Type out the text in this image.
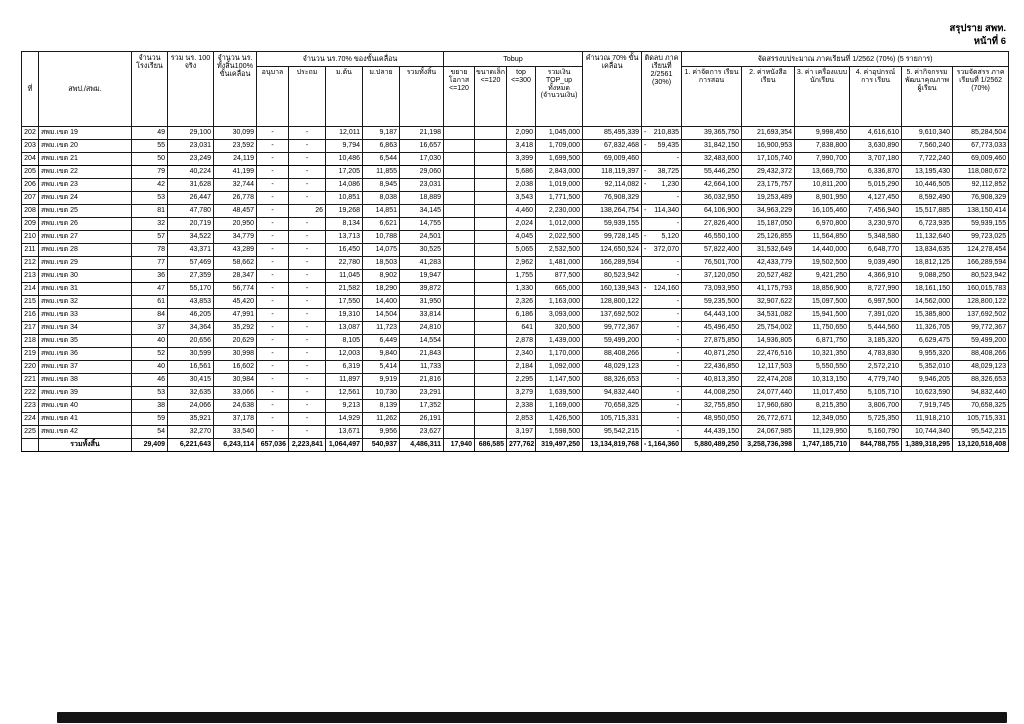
สรุปราย สพท.
หน้าที่ 6
ที่	สพป./สพม.	จำนวน โรงเรียน	รวม นร. 100 จริง	จำนวน นร. ทั้งสิ้น100% ขั้นเคลื่อน	จำนวน นร.70% ของขั้นเคลื่อน					Tobup				คำนวณ 70% ขั้นเคลื่อน	ติดลบ ภาคเรียนที่ 2/2561 (30%)	จัดสรรงบประมาณ ภาคเรียนที่ 1/2562 (70%) (5 รายการ)					
					อนุบาล	ประถม	ม.ต้น	ม.ปลาย	รวมทั้งสิ้น	ขยาย โอกาส <=120	ขนาดเล็ก <=120	top <=300	รวมเงิน TOP_up ทั้งหมด (จำนวนเงิน)			1. ค่าจัดการ เรียนการสอน	2. ค่าหนังสือ เรียน	3. ค่า เครื่องแบบ นักเรียน	4. ค่าอุปกรณ์การ เรียน	5. ค่ากิจกรรม พัฒนาคุณภาพ ผู้เรียน	รวมจัดสรร ภาคเรียนที่ 1/2562 (70%)
202	สพม.เขต 19	49	29,100	30,099	-	-	12,011	9,187	21,198			2,090	1,045,000	85,495,339	- 210,835	39,365,750	21,693,354	9,998,450	4,616,610	9,610,340	85,284,504
203	สพม.เขต 20	55	23,031	23,592	-	-	9,794	6,863	16,657			3,418	1,709,000	67,832,468	- 59,435	31,842,150	16,900,953	7,838,800	3,630,890	7,560,240	67,773,033
204	สพม.เขต 21	50	23,249	24,119	-	-	10,486	6,544	17,030			3,399	1,699,500	69,009,460	-	32,483,600	17,105,740	7,990,700	3,707,180	7,722,240	69,009,460
205	สพม.เขต 22	79	40,224	41,199	-	-	17,205	11,855	29,060			5,686	2,843,000	118,119,397	- 38,725	55,446,250	29,432,372	13,669,750	6,336,870	13,195,430	118,080,672
206	สพม.เขต 23	42	31,628	32,744	-	-	14,086	8,945	23,031			2,038	1,019,000	92,114,082	- 1,230	42,664,100	23,175,757	10,811,200	5,015,290	10,446,505	92,112,852
207	สพม.เขต 24	53	26,447	26,778	-	-	10,851	8,038	18,889			3,543	1,771,500	76,908,329	-	36,032,950	19,253,489	8,901,950	4,127,450	8,592,490	76,908,329
208	สพม.เขต 25	81	47,780	48,457	-	26	19,268	14,851	34,145			4,460	2,230,000	138,264,754	- 114,340	64,106,900	34,963,229	16,105,460	7,456,940	15,517,885	138,150,414
209	สพม.เขต 26	32	20,719	20,950	-	-	8,134	6,621	14,755			2,024	1,012,000	59,939,155	-	27,826,400	15,187,050	6,970,800	3,230,970	6,723,935	59,939,155
210	สพม.เขต 27	57	34,522	34,779	-	-	13,713	10,788	24,501			4,045	2,022,500	99,728,145	- 5,120	46,550,100	25,126,855	11,564,850	5,348,580	11,132,640	99,723,025
211	สพม.เขต 28	78	43,371	43,289	-	-	16,450	14,075	30,525			5,065	2,532,500	124,650,524	- 372,070	57,822,400	31,532,649	14,440,000	6,648,770	13,834,635	124,278,454
212	สพม.เขต 29	77	57,469	58,662	-	-	22,780	18,503	41,283			2,962	1,481,000	166,289,594	-	76,501,700	42,433,779	19,502,500	9,039,490	18,812,125	166,289,594
213	สพม.เขต 30	36	27,359	28,347	-	-	11,045	8,902	19,947			1,755	877,500	80,523,942	-	37,120,050	20,527,482	9,421,250	4,366,910	9,088,250	80,523,942
214	สพม.เขต 31	47	55,170	56,774	-	-	21,582	18,290	39,872			1,330	665,000	160,139,943	- 124,160	73,093,950	41,175,793	18,856,900	8,727,990	18,161,150	160,015,783
215	สพม.เขต 32	61	43,853	45,420	-	-	17,550	14,400	31,950			2,326	1,163,000	128,800,122	-	59,235,500	32,907,622	15,097,500	6,997,500	14,562,000	128,800,122
216	สพม.เขต 33	84	46,205	47,991	-	-	19,310	14,504	33,814			6,186	3,093,000	137,692,502	-	64,443,100	34,531,082	15,941,500	7,391,020	15,385,800	137,692,502
217	สพม.เขต 34	37	34,364	35,292	-	-	13,087	11,723	24,810			641	320,500	99,772,367	-	45,496,450	25,754,002	11,750,650	5,444,560	11,326,705	99,772,367
218	สพม.เขต 35	40	20,656	20,629	-	-	8,105	6,449	14,554			2,878	1,439,000	59,499,200	-	27,875,850	14,936,805	6,871,750	3,185,320	6,629,475	59,499,200
219	สพม.เขต 36	52	30,599	30,998	-	-	12,003	9,840	21,843			2,340	1,170,000	88,408,266	-	40,871,250	22,476,516	10,321,350	4,783,830	9,955,320	88,408,266
220	สพม.เขต 37	40	16,561	16,602	-	-	6,319	5,414	11,733			2,184	1,092,000	48,029,123	-	22,436,850	12,117,503	5,550,550	2,572,210	5,352,010	48,029,123
221	สพม.เขต 38	46	30,415	30,984	-	-	11,897	9,919	21,816			2,295	1,147,500	88,326,653	-	40,813,350	22,474,208	10,313,150	4,779,740	9,946,205	88,326,653
222	สพม.เขต 39	53	32,635	33,066	-	-	12,561	10,730	23,291			3,279	1,639,500	94,832,440	-	44,008,250	24,077,440	11,017,450	5,105,710	10,623,590	94,832,440
223	สพม.เขต 40	38	24,066	24,638	-	-	9,213	8,139	17,352			2,338	1,169,000	70,658,325	-	32,755,850	17,960,680	8,215,350	3,806,700	7,919,745	70,658,325
224	สพม.เขต 41	59	35,921	37,178	-	-	14,929	11,262	26,191			2,853	1,426,500	105,715,331	-	48,950,050	26,772,671	12,349,050	5,725,350	11,918,210	105,715,331
225	สพม.เขต 42	54	32,270	33,540	-	-	13,671	9,956	23,627			3,197	1,598,500	95,542,215	-	44,439,150	24,067,985	11,129,950	5,160,790	10,744,340	95,542,215
	รวมทั้งสิ้น	29,409	6,221,643	6,243,114	657,036	2,223,841	1,064,497	540,937	4,486,311	17,940	686,585	277,762	319,497,250	13,134,819,768	- 1,164,360	5,880,489,250	3,258,736,398	1,747,185,710	844,788,755	1,389,318,295	13,120,518,408
